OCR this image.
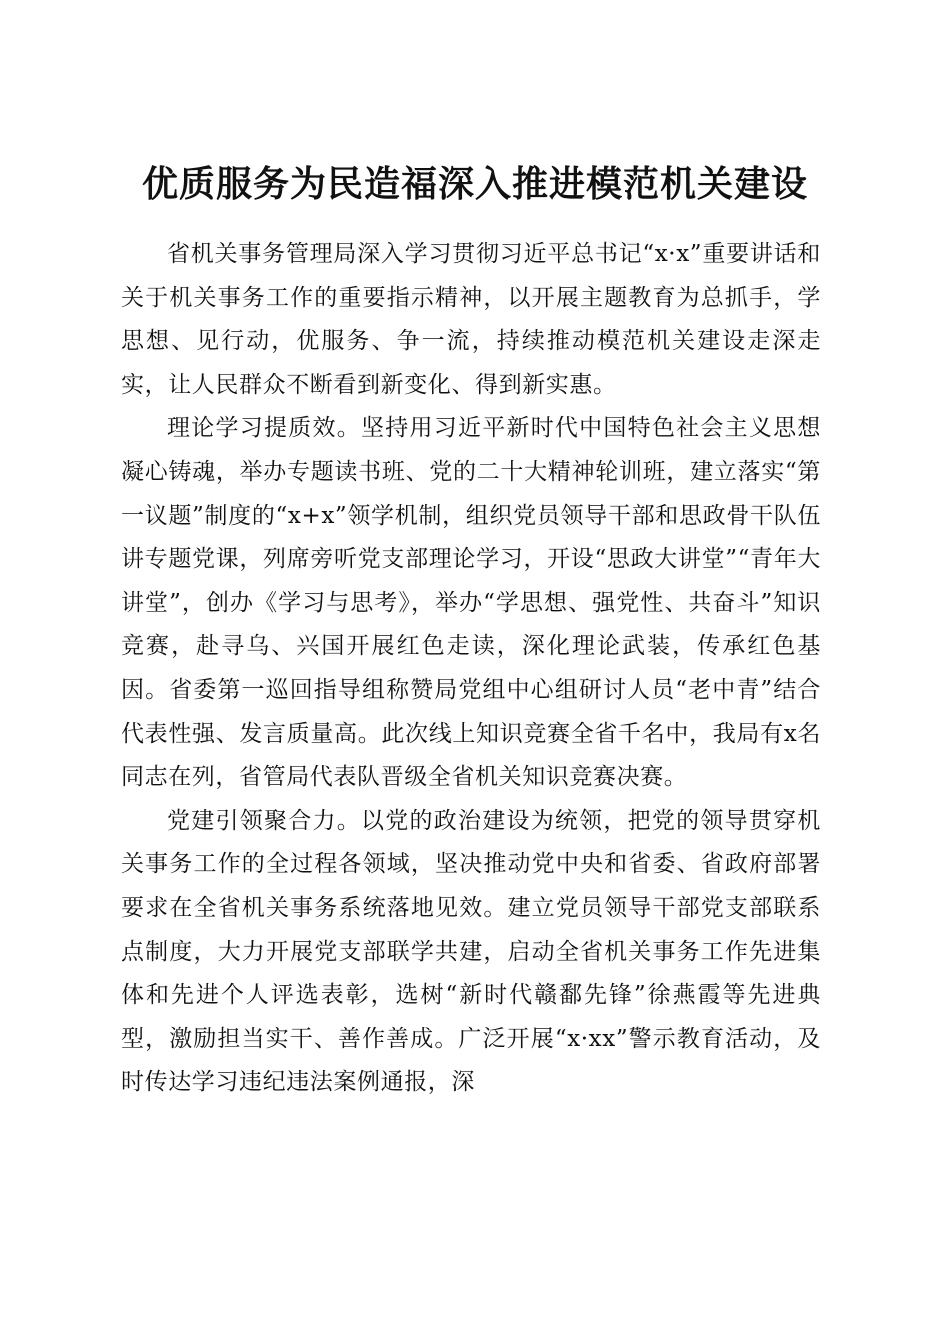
优质服务为民造福深入推进模范机关建设

省机关事务管理局深入学习贯彻习近平总书记“x·x”重要讲话和关于机关事务工作的重要指示精神，以开展主题教育为总抓手，学思想、见行动，优服务、争一流，持续推动模范机关建设走深走实，让人民群众不断看到新变化、得到新实惠。

理论学习提质效。坚持用习近平新时代中国特色社会主义思想凝心铸魂，举办专题读书班、党的二十大精神轮训班，建立落实“第一议题”制度的“x+x”领学机制，组织党员领导干部和思政骨干队伍讲专题党课，列席旁听党支部理论学习，开设“思政大讲堂”“青年大讲堂”，创办《学习与思考》，举办“学思想、强党性、共奋斗”知识竞赛，赴寻乌、兴国开展红色走读，深化理论武装，传承红色基因。省委第一巡回指导组称赞局党组中心组研讨人员“老中青”结合代表性强、发言质量高。此次线上知识竞赛全省千名中，我局有x名同志在列，省管局代表队晋级全省机关知识竞赛决赛。

党建引领聚合力。以党的政治建设为统领，把党的领导贯穿机关事务工作的全过程各领域，坚决推动党中央和省委、省政府部署要求在全省机关事务系统落地见效。建立党员领导干部党支部联系点制度，大力开展党支部联学共建，启动全省机关事务工作先进集体和先进个人评选表彰，选树“新时代赣鄱先锋”徐燕霞等先进典型，激励担当实干、善作善成。广泛开展“x·xx”警示教育活动，及时传达学习违纪违法案例通报，深
